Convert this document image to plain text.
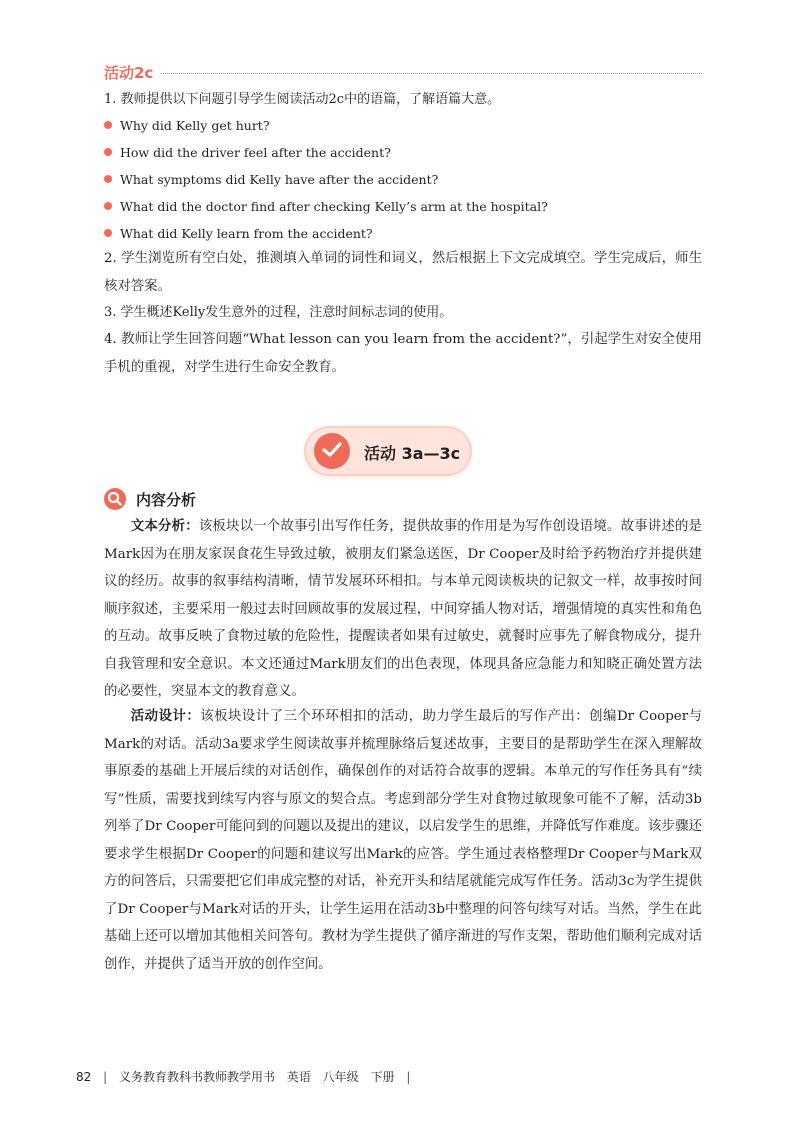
活动2c
1. 教师提供以下问题引导学生阅读活动2c中的语篇，了解语篇大意。
Why did Kelly get hurt?
How did the driver feel after the accident?
What symptoms did Kelly have after the accident?
What did the doctor find after checking Kelly’s arm at the hospital?
What did Kelly learn from the accident?
2. 学生浏览所有空白处，推测填入单词的词性和词义，然后根据上下文完成填空。学生完成后，师生核对答案。
3. 学生概述Kelly发生意外的过程，注意时间标志词的使用。
4. 教师让学生回答问题“What lesson can you learn from the accident?”，引起学生对安全使用手机的重视，对学生进行生命安全教育。
活动 3a—3c
内容分析
文本分析：该板块以一个故事引出写作任务，提供故事的作用是为写作创设语境。故事讲述的是Mark因为在朋友家误食花生导致过敏，被朋友们紧急送医，Dr Cooper及时给予药物治疗并提供建议的经历。故事的叙事结构清晰，情节发展环环相扣。与本单元阅读板块的记叙文一样，故事按时间顺序叙述，主要采用一般过去时回顾故事的发展过程，中间穿插人物对话，增强情境的真实性和角色的互动。故事反映了食物过敏的危险性，提醒读者如果有过敏史，就餐时应事先了解食物成分，提升自我管理和安全意识。本文还通过Mark朋友们的出色表现，体现具备应急能力和知晓正确处置方法的必要性，突显本文的教育意义。
活动设计：该板块设计了三个环环相扣的活动，助力学生最后的写作产出：创编Dr Cooper与Mark的对话。活动3a要求学生阅读故事并梳理脉络后复述故事，主要目的是帮助学生在深入理解故事原委的基础上开展后续的对话创作，确保创作的对话符合故事的逻辑。本单元的写作任务具有“续写”性质，需要找到续写内容与原文的契合点。考虑到部分学生对食物过敏现象可能不了解，活动3b列举了Dr Cooper可能问到的问题以及提出的建议，以启发学生的思维，并降低写作难度。该步骤还要求学生根据Dr Cooper的问题和建议写出Mark的应答。学生通过表格整理Dr Cooper与Mark双方的问答后，只需要把它们串成完整的对话，补充开头和结尾就能完成写作任务。活动3c为学生提供了Dr Cooper与Mark对话的开头，让学生运用在活动3b中整理的问答句续写对话。当然，学生在此基础上还可以增加其他相关问答句。教材为学生提供了循序渐进的写作支架，帮助他们顺利完成对话创作，并提供了适当开放的创作空间。
82 | 义务教育教科书教师教学用书 英语 八年级 下册 |
